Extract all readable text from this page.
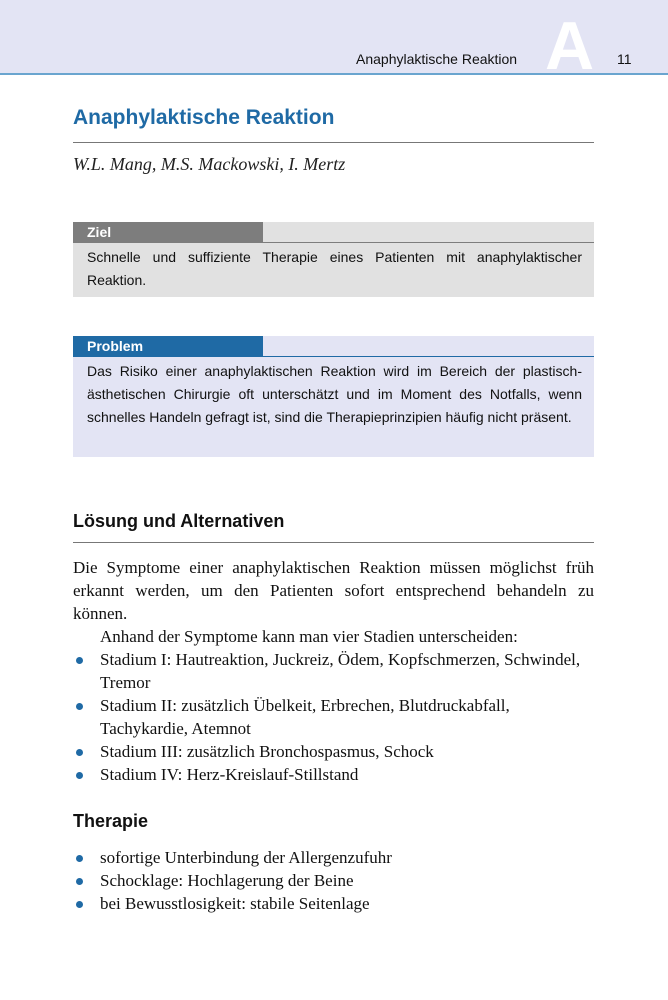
Anaphylaktische Reaktion A 11
Anaphylaktische Reaktion
W.L. Mang, M.S. Mackowski, I. Mertz
Ziel
Schnelle und suffiziente Therapie eines Patienten mit anaphylaktischer Reaktion.
Problem
Das Risiko einer anaphylaktischen Reaktion wird im Bereich der plastisch-ästhetischen Chirurgie oft unterschätzt und im Moment des Notfalls, wenn schnelles Handeln gefragt ist, sind die Therapieprinzipien häufig nicht präsent.
Lösung und Alternativen
Die Symptome einer anaphylaktischen Reaktion müssen möglichst früh erkannt werden, um den Patienten sofort entsprechend behandeln zu können.
Anhand der Symptome kann man vier Stadien unterscheiden:
Stadium I: Hautreaktion, Juckreiz, Ödem, Kopfschmerzen, Schwindel, Tremor
Stadium II: zusätzlich Übelkeit, Erbrechen, Blutdruckabfall, Tachykardie, Atemnot
Stadium III: zusätzlich Bronchospasmus, Schock
Stadium IV: Herz-Kreislauf-Stillstand
Therapie
sofortige Unterbindung der Allergenzufuhr
Schocklage: Hochlagerung der Beine
bei Bewusstlosigkeit: stabile Seitenlage
